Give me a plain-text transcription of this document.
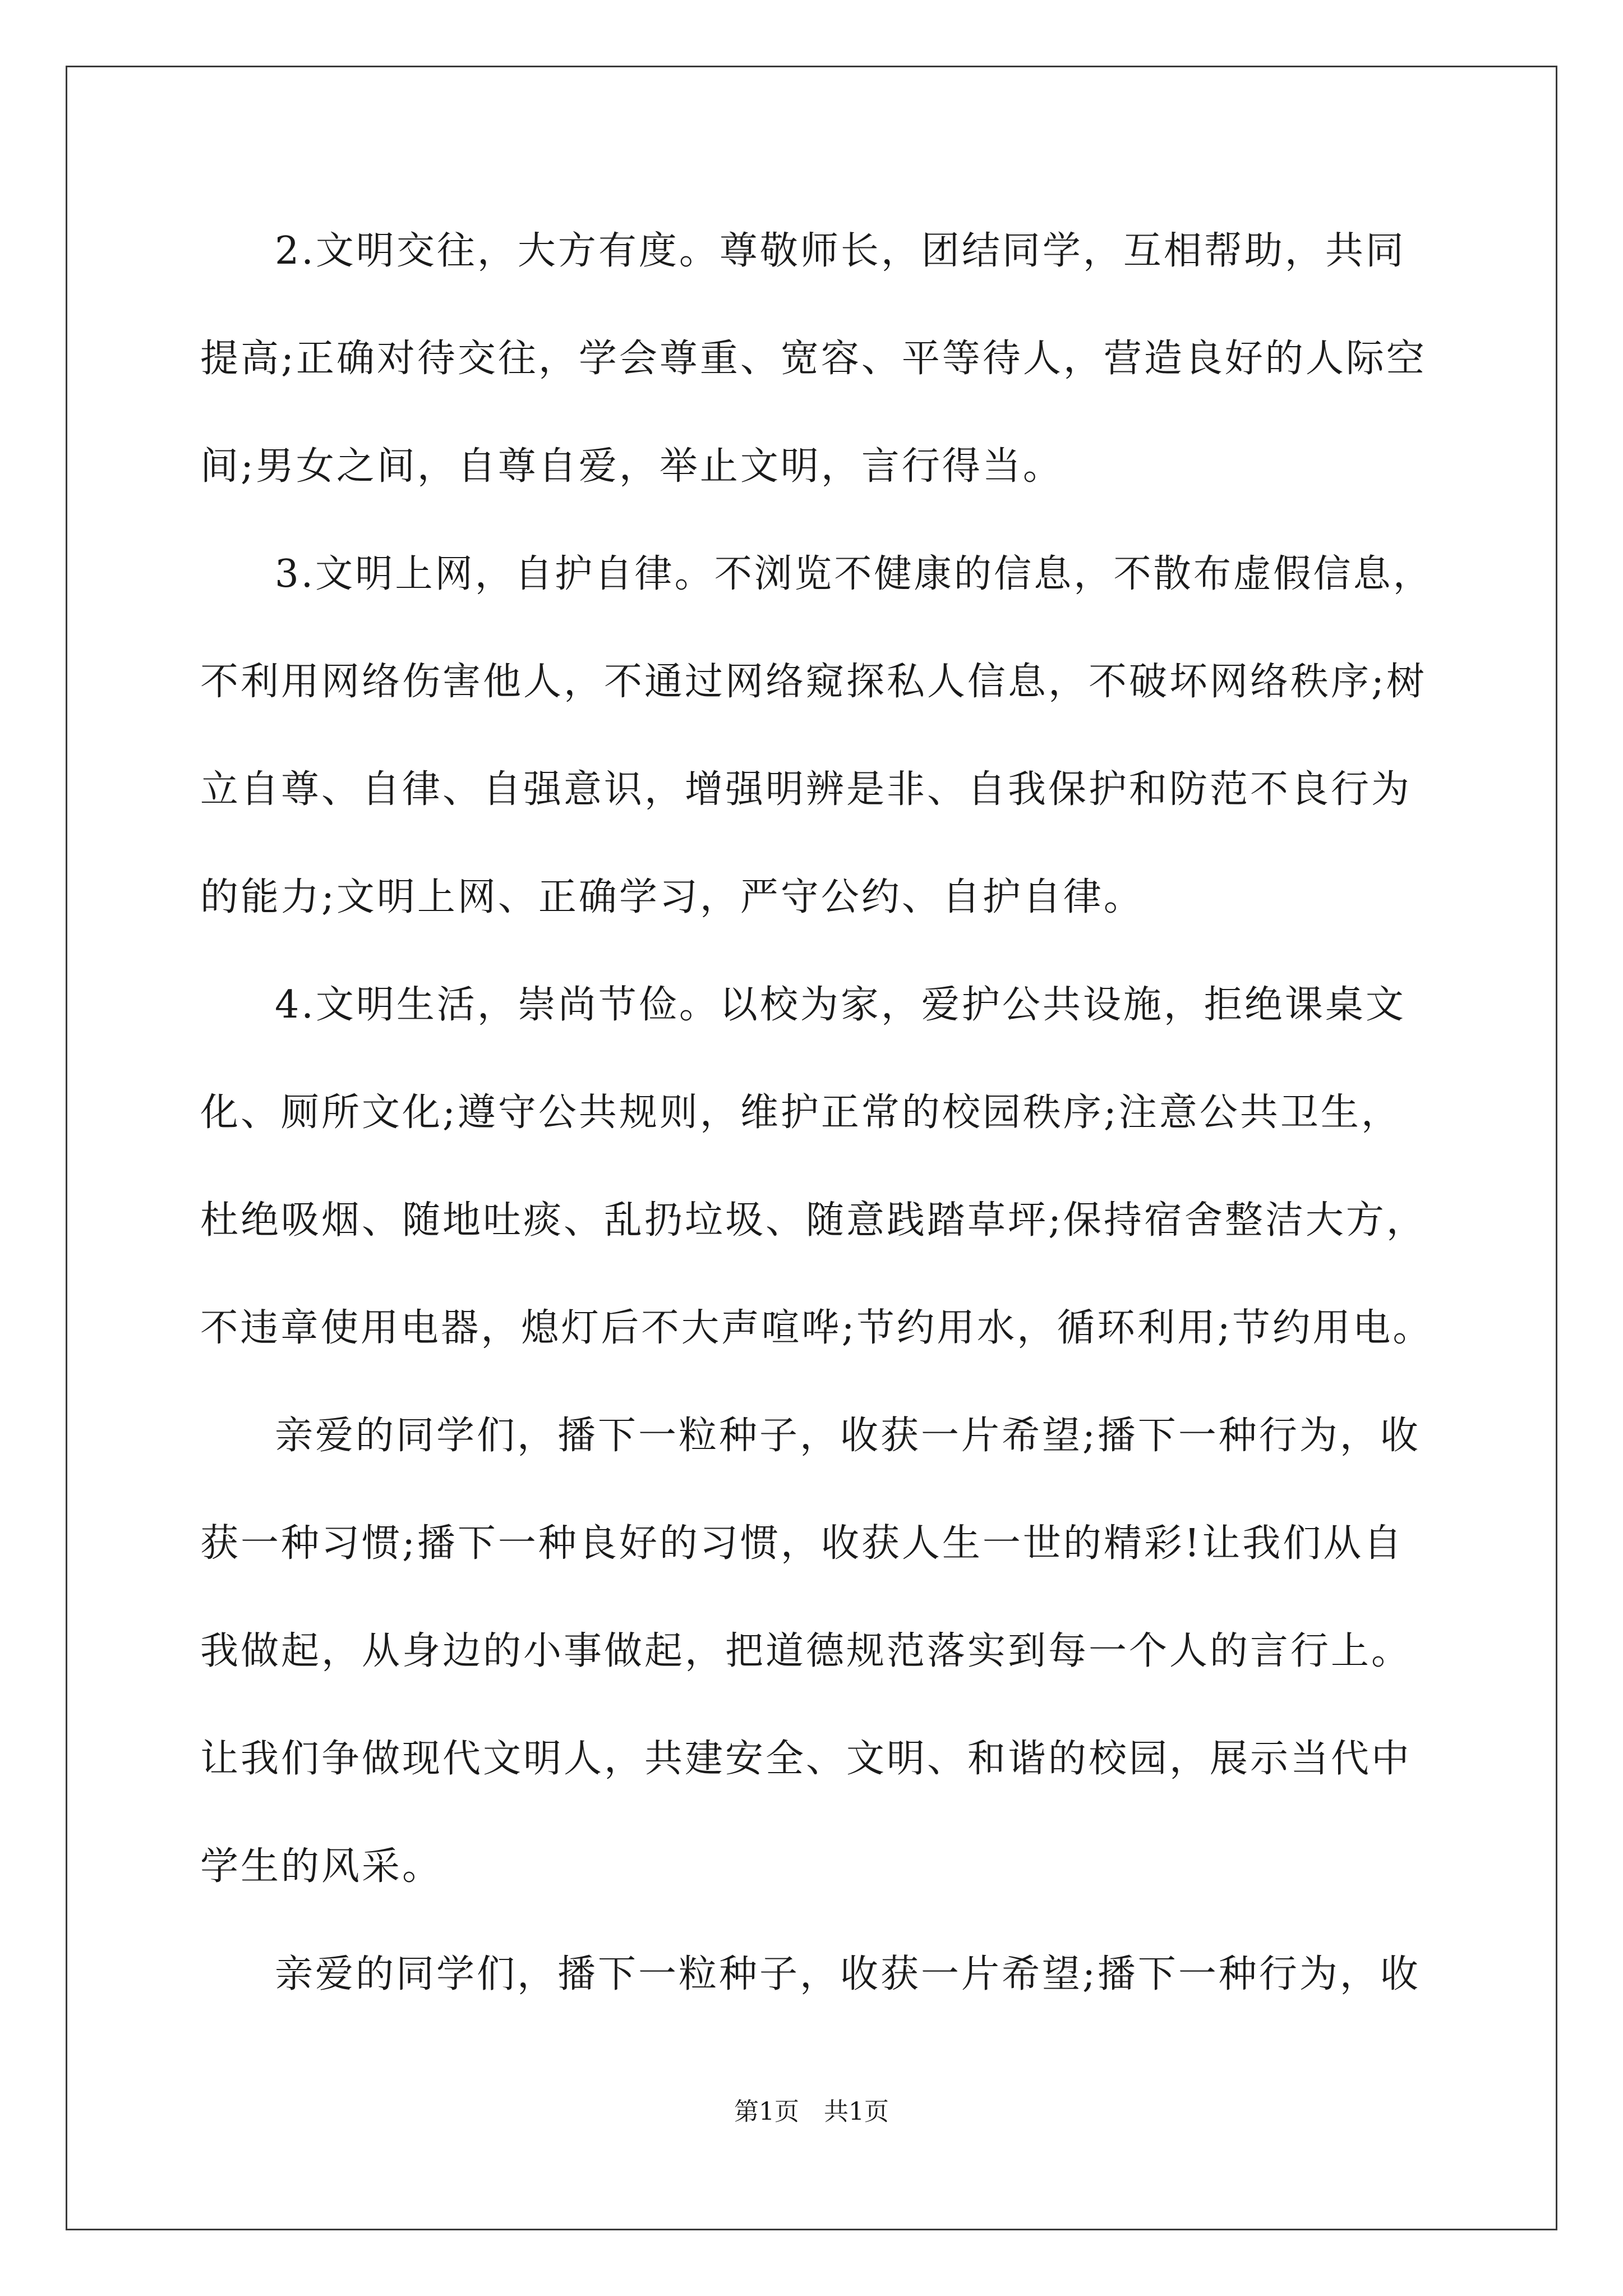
2.文明交往，大方有度。尊敬师长，团结同学，互相帮助，共同
提高;正确对待交往，学会尊重、宽容、平等待人，营造良好的人际空
间;男女之间，自尊自爱，举止文明，言行得当。
3.文明上网，自护自律。不浏览不健康的信息，不散布虚假信息，
不利用网络伤害他人，不通过网络窥探私人信息，不破坏网络秩序;树
立自尊、自律、自强意识，增强明辨是非、自我保护和防范不良行为
的能力;文明上网、正确学习，严守公约、自护自律。
4.文明生活，崇尚节俭。以校为家，爱护公共设施，拒绝课桌文
化、厕所文化;遵守公共规则，维护正常的校园秩序;注意公共卫生，
杜绝吸烟、随地吐痰、乱扔垃圾、随意践踏草坪;保持宿舍整洁大方，
不违章使用电器，熄灯后不大声喧哗;节约用水，循环利用;节约用电。
亲爱的同学们，播下一粒种子，收获一片希望;播下一种行为，收
获一种习惯;播下一种良好的习惯，收获人生一世的精彩!让我们从自
我做起，从身边的小事做起，把道德规范落实到每一个人的言行上。
让我们争做现代文明人，共建安全、文明、和谐的校园，展示当代中
学生的风采。
亲爱的同学们，播下一粒种子，收获一片希望;播下一种行为，收
第1页　共1页
